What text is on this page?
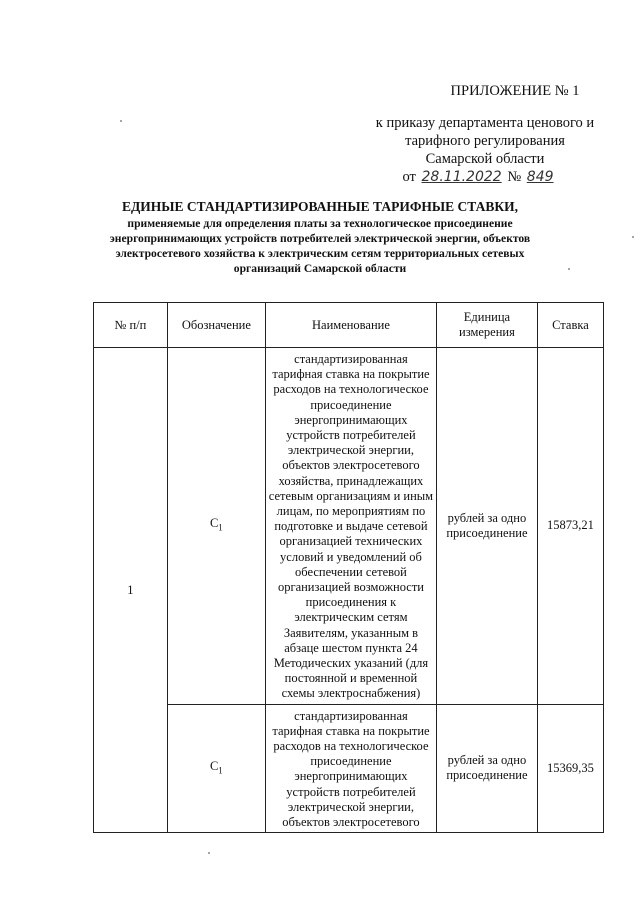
ПРИЛОЖЕНИЕ № 1
к приказу департамента ценового и
тарифного регулирования
Самарской области
от 28.11.2022 № 849
ЕДИНЫЕ СТАНДАРТИЗИРОВАННЫЕ ТАРИФНЫЕ СТАВКИ,
применяемые для определения платы за технологическое присоединение энергопринимающих устройств потребителей электрической энергии, объектов электросетевого хозяйства к электрическим сетям территориальных сетевых организаций Самарской области
№ п/п	Обозначение	Наименование	Единица измерения	Ставка
1	$C_1$	стандартизированная тарифная ставка на покрытие расходов на технологическое присоединение энергопринимающих устройств потребителей электрической энергии, объектов электросетевого хозяйства, принадлежащих сетевым организациям и иным лицам, по мероприятиям по подготовке и выдаче сетевой организацией технических условий и уведомлений об обеспечении сетевой организацией возможности присоединения к электрическим сетям Заявителям, указанным в абзаце шестом пункта 24 Методических указаний (для постоянной и временной схемы электроснабжения)	рублей за одно присоединение	15873,21
	$C_1$	стандартизированная тарифная ставка на покрытие расходов на технологическое присоединение энергопринимающих устройств потребителей электрической энергии, объектов электросетевого	рублей за одно присоединение	15369,35
